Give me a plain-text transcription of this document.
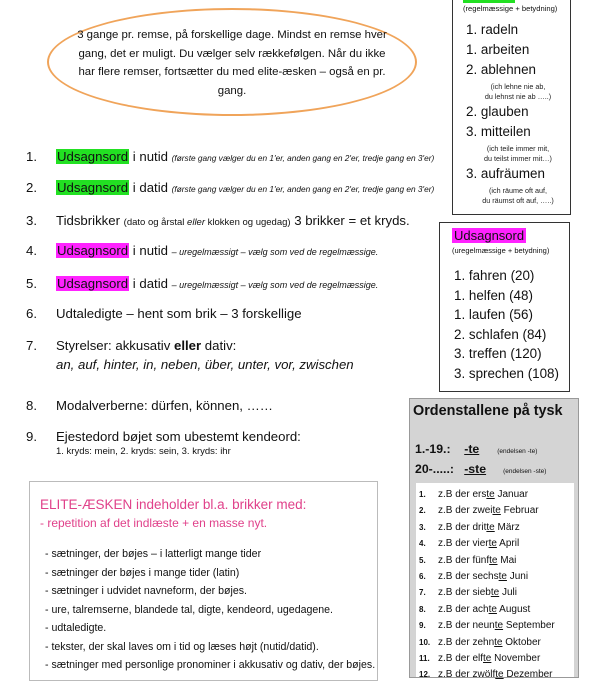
3 gange pr. remse, på forskellige dage. Mindst en remse hver gang, det er muligt. Du vælger selv rækkefølgen. Når du ikke har flere remser, fortsætter du med elite-æsken – også en pr. gang.
1. Udsagnsord i nutid (første gang vælger du en 1'er, anden gang en 2'er, tredje gang en 3'er)
2. Udsagnsord i datid (første gang vælger du en 1'er, anden gang en 2'er, tredje gang en 3'er)
3. Tidsbrikker (dato og årstal eller klokken og ugedag) 3 brikker = et kryds.
4. Udsagnsord i nutid – uregelmæssigt – vælg som ved de regelmæssige.
5. Udsagnsord i datid – uregelmæssigt – vælg som ved de regelmæssige.
6. Udtaledigte – hent som brik – 3 forskellige
7. Styrelser: akkusativ eller dativ:
an, auf, hinter, in, neben, über, unter, vor, zwischen
8. Modalverberne: dürfen, können, ……
9. Ejestedord bøjet som ubestemt kendeord:
1. kryds: mein, 2. kryds: sein, 3. kryds: ihr
(regelmæssige + betydning)
1. radeln
1. arbeiten
2. ablehnen
(ich lehne nie ab,
du lehnst nie ab …..)
2. glauben
3. mitteilen
(ich teile immer mit,
du teilst immer mit…)
3. aufräumen
(ich räume oft auf,
du räumst oft auf, …..)
Udsagnsord
(uregelmæssige + betydning)
1. fahren (20)
1. helfen (48)
1. laufen (56)
2. schlafen (84)
3. treffen (120)
3. sprechen (108)
Ordenstallene på tysk
1.-19.: -te	(endelsen -te)
20-.....: -ste	(endelsen -ste)
1. z.B der erste Januar
2. z.B der zweite Februar
3. z.B der dritte März
4. z.B der vierte April
5. z.B der fünfte Mai
6. z.B der sechste Juni
7. z.B der siebte Juli
8. z.B der achte August
9. z.B der neunte September
10. z.B der zehnte Oktober
11. z.B der elfte November
12. z.B der zwölfte Dezember
ELITE-ÆSKEN indeholder bl.a. brikker med:
- repetition af det indlæste + en masse nyt.
- sætninger, der bøjes – i latterligt mange tider
- sætninger der bøjes i mange tider (latin)
- sætninger i udvidet navneform, der bøjes.
- ure, talremserne, blandede tal, digte, kendeord, ugedagene.
- udtaledigte.
- tekster, der skal laves om i tid og læses højt (nutid/datid).
- sætninger med personlige pronominer i akkusativ og dativ, der bøjes.
